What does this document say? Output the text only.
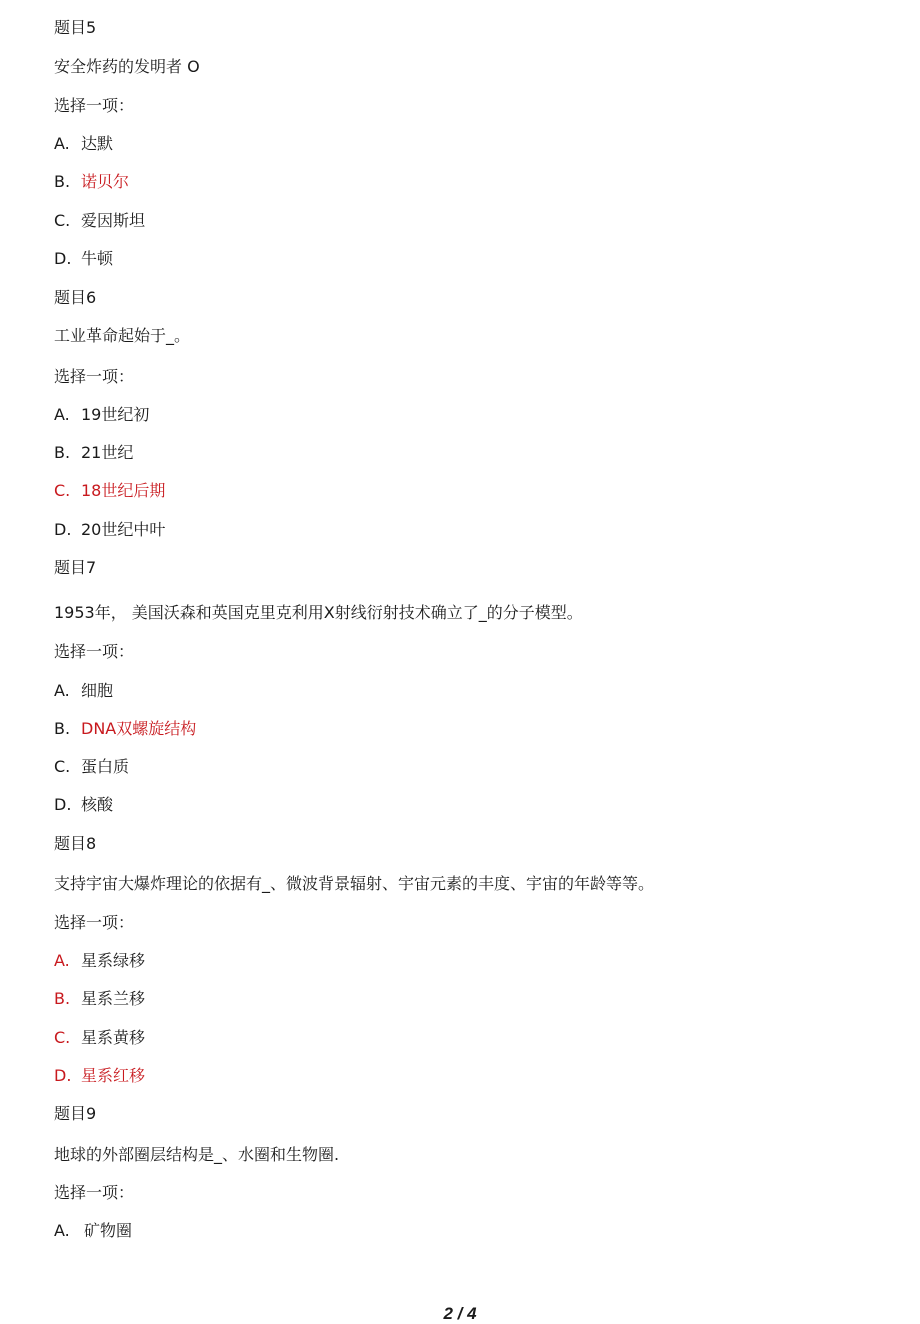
题目5
安全炸药的发明者 O
选择一项：
A. 达默
B. 诺贝尔
C. 爱因斯坦
D. 牛顿
题目6
工业革命起始于_。
选择一项：
A. 19世纪初
B. 21世纪
C. 18世纪后期
D. 20世纪中叶
题目7
1953年， 美国沃森和英国克里克利用X射线衍射技术确立了_的分子模型。
选择一项：
A. 细胞
B. DNA双螺旋结构
C. 蛋白质
D. 核酸
题目8
支持宇宙大爆炸理论的依据有_、微波背景辐射、宇宙元素的丰度、宇宙的年龄等等。
选择一项：
A. 星系绿移
B. 星系兰移
C. 星系黄移
D. 星系红移
题目9
地球的外部圈层结构是_、水圈和生物圈.
选择一项：
A. 矿物圈
2 / 4
